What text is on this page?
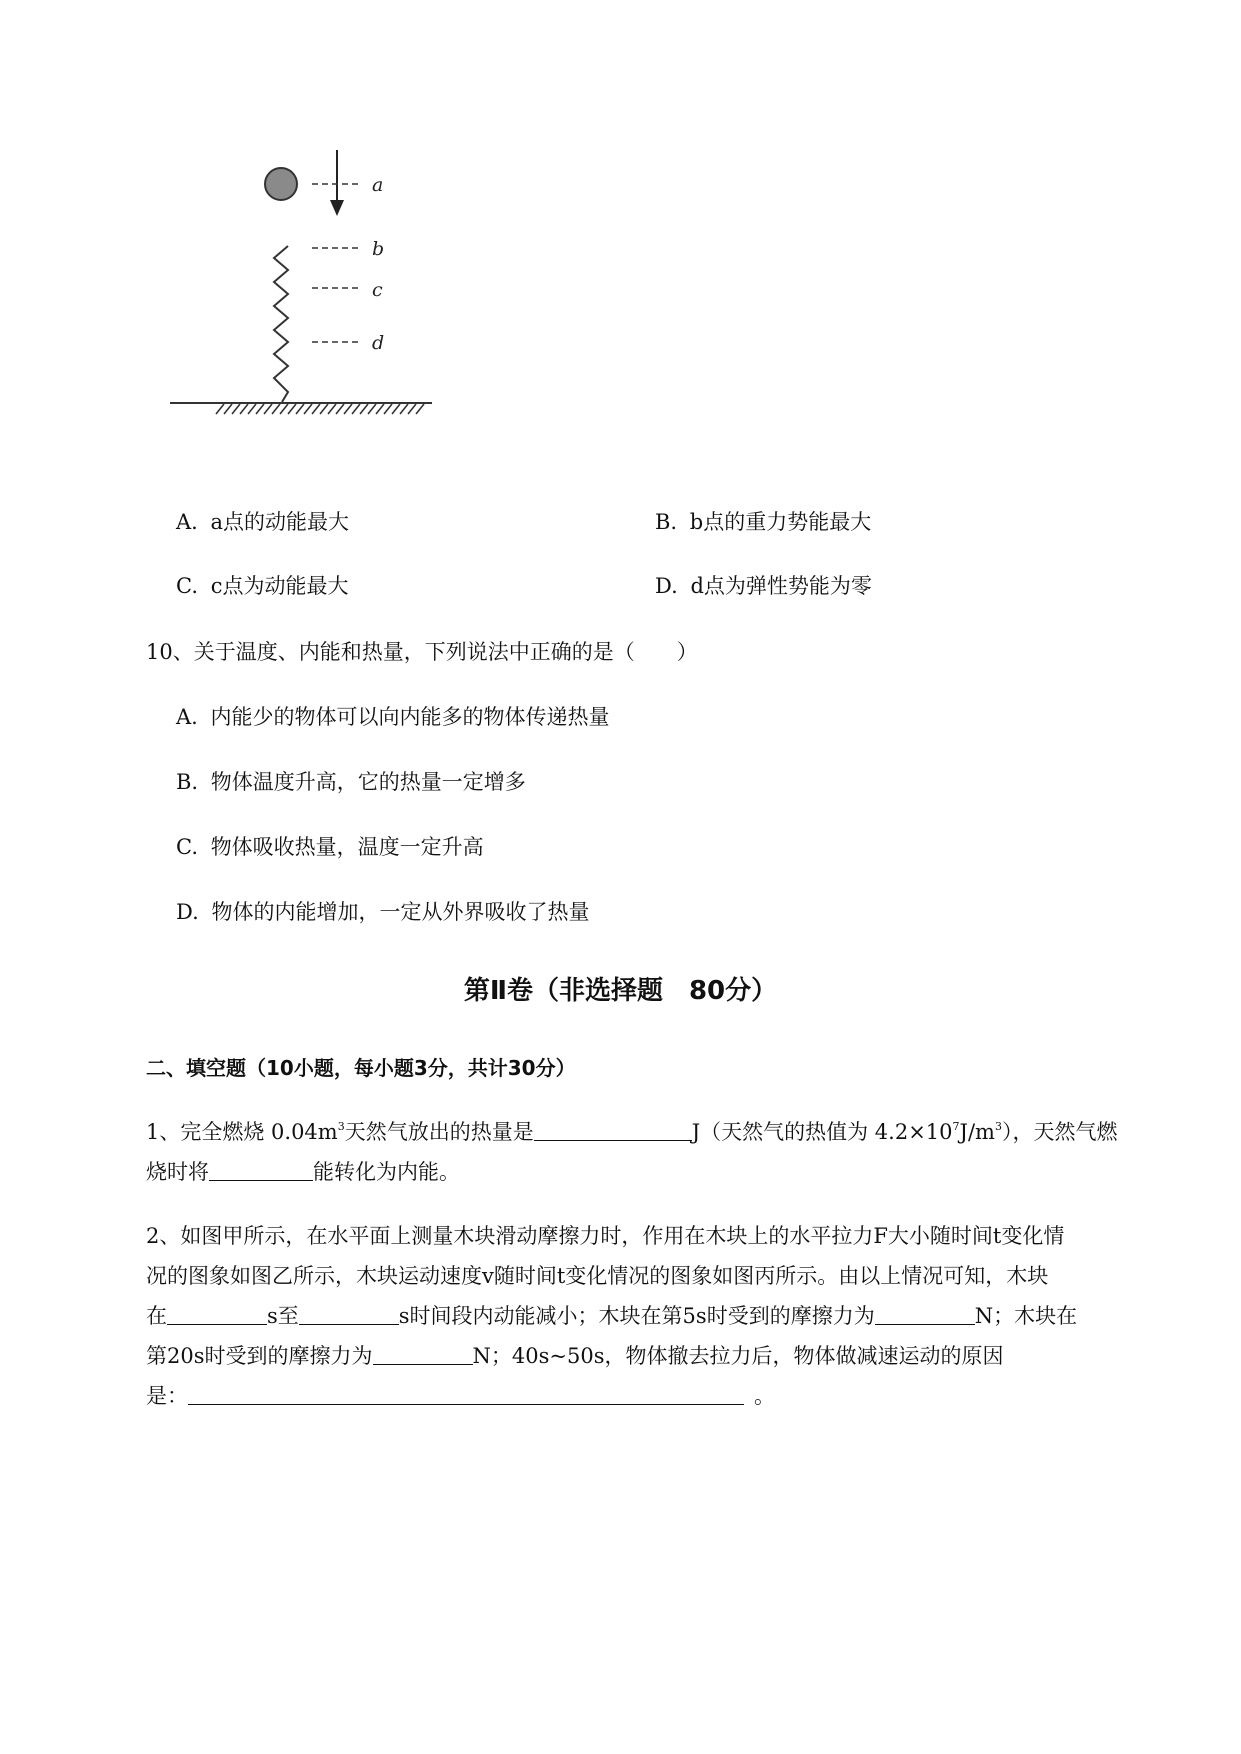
a
b
c
d
A. a点的动能最大	B. b点的重力势能最大
C. c点为动能最大	D. d点为弹性势能为零
10、关于温度、内能和热量，下列说法中正确的是（　　）
A. 内能少的物体可以向内能多的物体传递热量
B. 物体温度升高，它的热量一定增多
C. 物体吸收热量，温度一定升高
D. 物体的内能增加，一定从外界吸收了热量
第Ⅱ卷（非选择题　80分）
二、填空题（10小题，每小题3分，共计30分）
1、完全燃烧 $0.04m^3$天然气放出的热量是	J（天然气的热值为 $4.2\times 10^7J/m^3$），天然气燃
烧时将	能转化为内能。
2、如图甲所示，在水平面上测量木块滑动摩擦力时，作用在木块上的水平拉力F大小随时间t变化情
况的图象如图乙所示，木块运动速度v随时间t变化情况的图象如图丙所示。由以上情况可知，木块
在	s至	s时间段内动能减小；木块在第5s时受到的摩擦力为	N；木块在
第20s时受到的摩擦力为	N；40s~50s，物体撤去拉力后，物体做减速运动的原因
是：	。
